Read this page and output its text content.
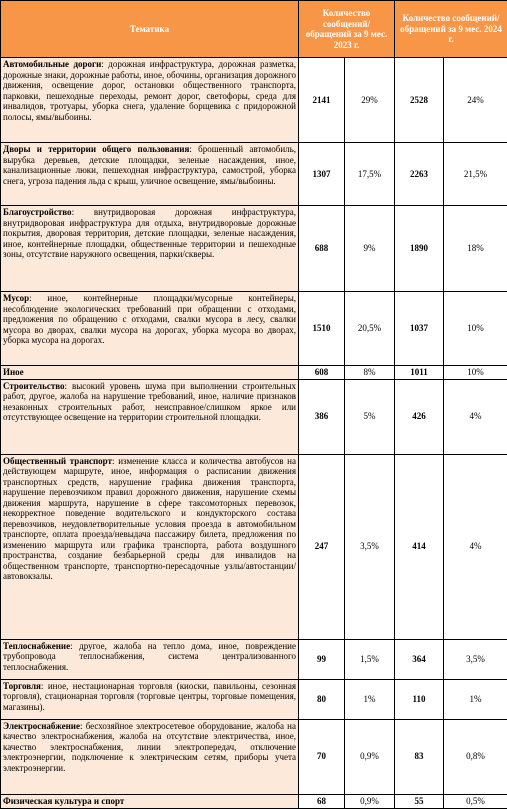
Тематика	Количество сообщений/ обращений за 9 мес. 2023 г.		Количество сообщений/ обращений за 9 мес. 2024 г.	
Автомобильные дороги: дорожная инфраструктура, дорожная разметка, дорожные знаки, дорожные работы, иное, обочины, организация дорожного движения, освещение дорог, остановки общественного транспорта, парковки, пешеходные переходы, ремонт дорог, светофоры, среда для инвалидов, тротуары, уборка снега, удаление борщевика с придорожной полосы, ямы/выбоины.	2141	29%	2528	24%
Дворы и территории общего пользования: брошенный автомобиль, вырубка деревьев, детские площадки, зеленые насаждения, иное, канализационные люки, пешеходная инфраструктура, самострой, уборка снега, угроза падения льда с крыш, уличное освещение, ямы/выбоины.	1307	17,5%	2263	21,5%
Благоустройство: внутридворовая дорожная инфраструктура, внутридворовая инфраструктура для отдыха, внутридворовые дорожные покрытия, дворовая территория, детские площадки, зеленые насаждения, иное, контейнерные площадки, общественные территории и пешеходные зоны, отсутствие наружного освещения, парки/скверы.	688	9%	1890	18%
Мусор: иное, контейнерные площадки/мусорные контейнеры, несоблюдение экологических требований при обращении с отходами, предложения по обращению с отходами, свалки мусора в лесу, свалки мусора во дворах, свалки мусора на дорогах, уборка мусора во дворах, уборка мусора на дорогах.	1510	20,5%	1037	10%
Иное	608	8%	1011	10%
Строительство: высокий уровень шума при выполнении строительных работ, другое, жалоба на нарушение требований, иное, наличие признаков незаконных строительных работ, неисправное/слишком яркое или отсутствующее освещение на территории строительной площадки.	386	5%	426	4%
Общественный транспорт: изменение класса и количества автобусов на действующем маршруте, иное, информация о расписании движения транспортных средств, нарушение графика движения транспорта, нарушение перевозчиком правил дорожного движения, нарушение схемы движения маршрута, нарушение в сфере таксомоторных перевозок, некорректное поведение водительского и кондукторского состава перевозчиков, неудовлетворительные условия проезда в автомобильном транспорте, оплата проезда/невыдача пассажиру билета, предложения по изменению маршрута или графика транспорта, работа воздушного пространства, создание безбарьерной среды для инвалидов на общественном транспорте, транспортно-пересадочные узлы/автостанции/автовокзалы.	247	3,5%	414	4%
Теплоснабжение: другое, жалоба на тепло дома, иное, повреждение трубопровода теплоснабжения, система централизованного теплоснабжения.	99	1,5%	364	3,5%
Торговля: иное, нестационарная торговля (киоски, павильоны, сезонная торговля), стационарная торговля (торговые центры, торговые помещения, магазины).	80	1%	110	1%
Электроснабжение: бесхозяйное электросетевое оборудование, жалоба на качество электроснабжения, жалоба на отсутствие электричества, иное, качество электроснабжения, линии электропередач, отключение электроэнергии, подключение к электрическим сетям, приборы учета электроэнергии.	70	0,9%	83	0,8%
Физическая культура и спорт	68	0,9%	55	0,5%
